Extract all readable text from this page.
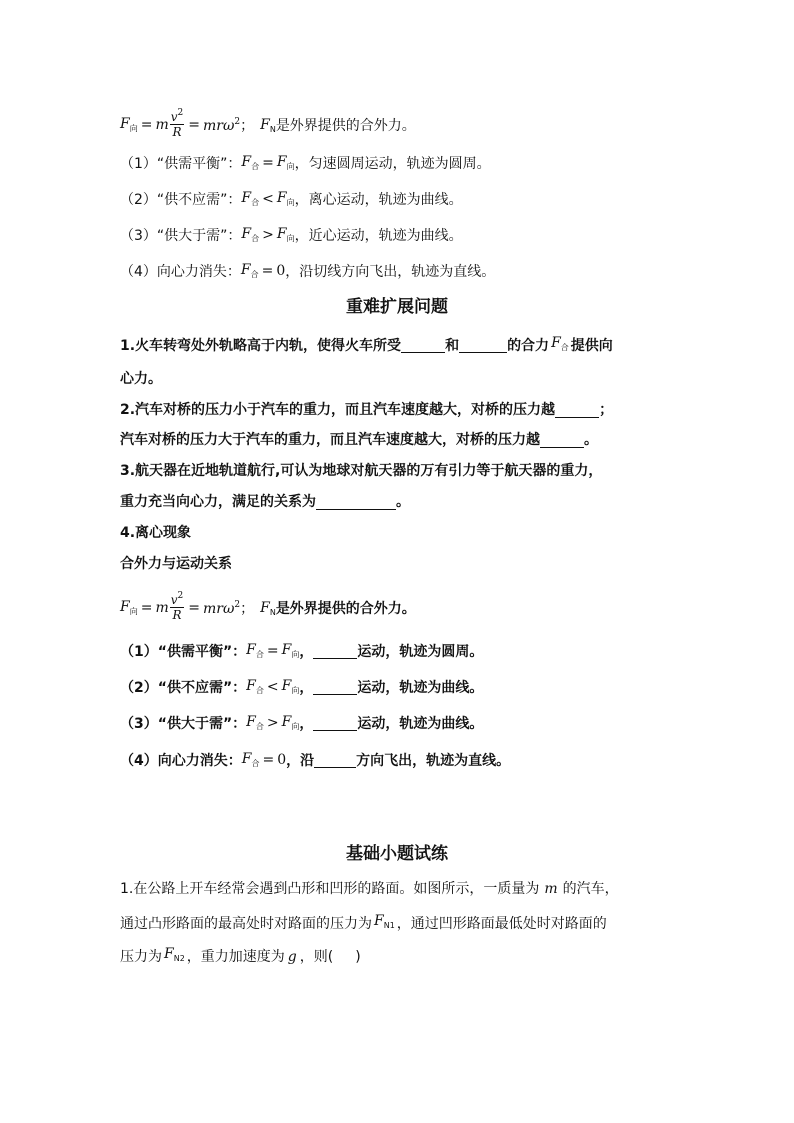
$F_向 = m \frac{v^2}{R} = mr\omega^2$ ； $F_N$ 是外界提供的合外力。
（1）“供需平衡”： $F_合 = F_向$ ，匀速圆周运动，轨迹为圆周。
（2）“供不应需”： $F_合 < F_向$ ，离心运动，轨迹为曲线。
（3）“供大于需”： $F_合 > F_向$ ，近心运动，轨迹为曲线。
（4）向心力消失： $F_合 = 0$ ，沿切线方向飞出，轨迹为直线。
重难扩展问题
1.火车转弯处外轨略高于内轨，使得火车所受	和	的合力 $F_合$ 提供向
心力。
2.汽车对桥的压力小于汽车的重力，而且汽车速度越大，对桥的压力越	；
汽车对桥的压力大于汽车的重力，而且汽车速度越大，对桥的压力越	。
3.航天器在近地轨道航行,可认为地球对航天器的万有引力等于航天器的重力，
重力充当向心力，满足的关系为	。
4.离心现象
合外力与运动关系
$F_向 = m \frac{v^2}{R} = mr\omega^2$ ； $F_N$ 是外界提供的合外力。
（1）“供需平衡”： $F_合 = F_向$ ，	运动，轨迹为圆周。
（2）“供不应需”： $F_合 < F_向$ ，	运动，轨迹为曲线。
（3）“供大于需”： $F_合 > F_向$ ，	运动，轨迹为曲线。
（4）向心力消失： $F_合 = 0$ ，沿	方向飞出，轨迹为直线。
基础小题试练
1.在公路上开车经常会遇到凸形和凹形的路面。如图所示，一质量为 m 的汽车，
通过凸形路面的最高处时对路面的压力为 $F_{N1}$ ，通过凹形路面最低处时对路面的
压力为 $F_{N2}$ ，重力加速度为 g ，则( )
